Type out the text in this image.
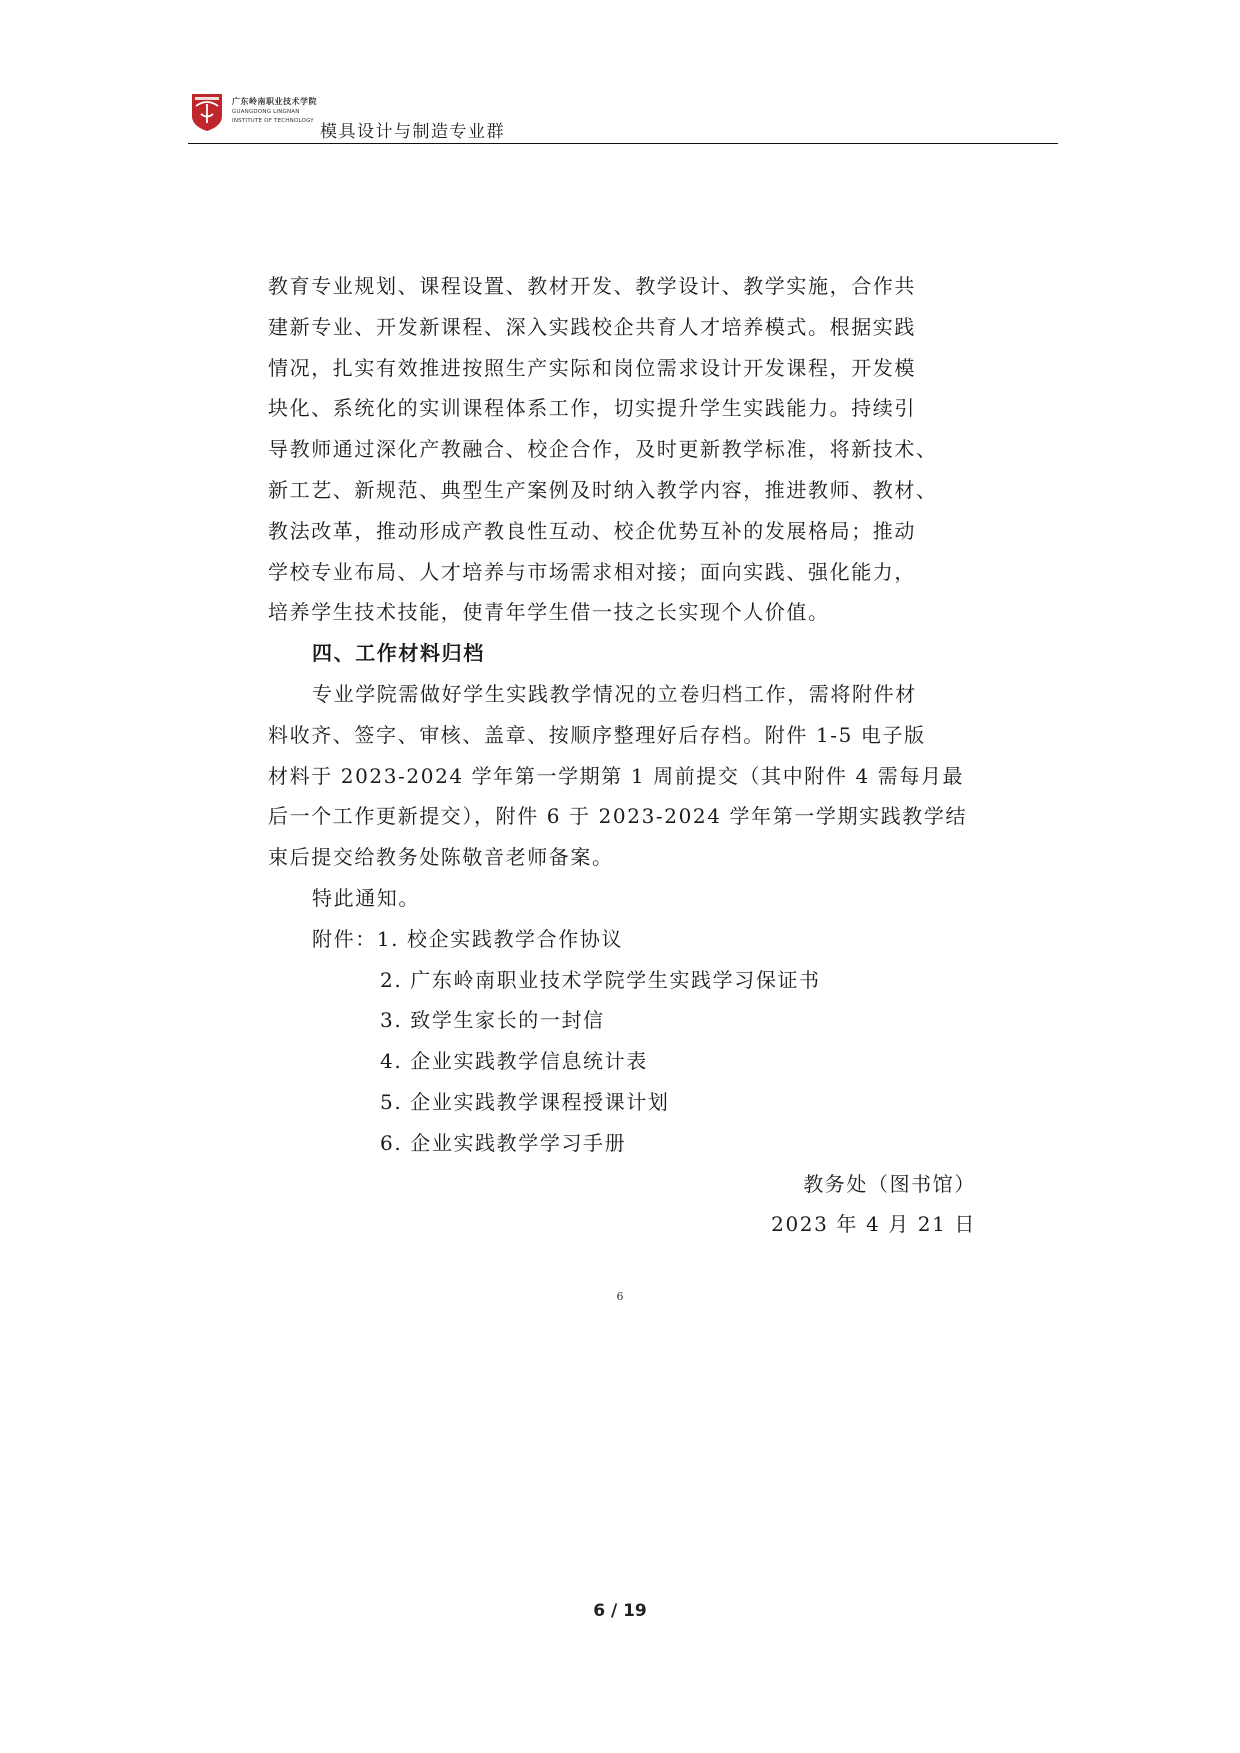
广东岭南职业技术学院
GUANGDONG LINGNAN
INSTITUTE OF TECHNOLOGY
模具设计与制造专业群
教育专业规划、课程设置、教材开发、教学设计、教学实施，合作共
建新专业、开发新课程、深入实践校企共育人才培养模式。根据实践
情况，扎实有效推进按照生产实际和岗位需求设计开发课程，开发模
块化、系统化的实训课程体系工作，切实提升学生实践能力。持续引
导教师通过深化产教融合、校企合作，及时更新教学标准，将新技术、
新工艺、新规范、典型生产案例及时纳入教学内容，推进教师、教材、
教法改革，推动形成产教良性互动、校企优势互补的发展格局；推动
学校专业布局、人才培养与市场需求相对接；面向实践、强化能力，
培养学生技术技能，使青年学生借一技之长实现个人价值。
四、工作材料归档
专业学院需做好学生实践教学情况的立卷归档工作，需将附件材
料收齐、签字、审核、盖章、按顺序整理好后存档。附件 1-5 电子版
材料于 2023-2024 学年第一学期第 1 周前提交（其中附件 4 需每月最
后一个工作更新提交），附件 6 于 2023-2024 学年第一学期实践教学结
束后提交给教务处陈敬音老师备案。
特此通知。
附件：1. 校企实践教学合作协议
2. 广东岭南职业技术学院学生实践学习保证书
3. 致学生家长的一封信
4. 企业实践教学信息统计表
5. 企业实践教学课程授课计划
6. 企业实践教学学习手册
教务处（图书馆）
2023 年 4 月 21 日
6
6 / 19
